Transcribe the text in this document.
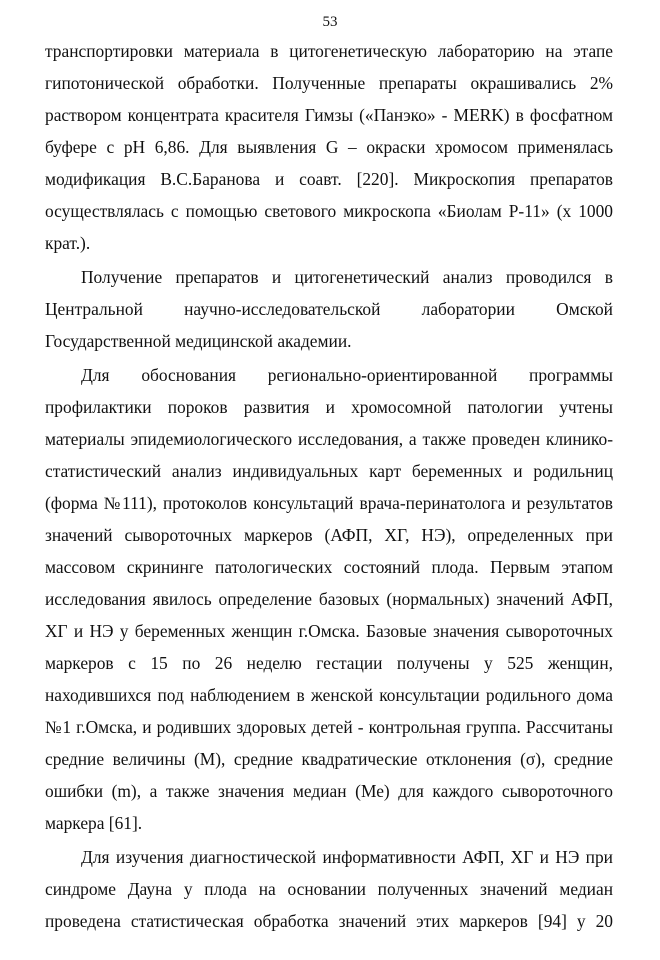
53

транспортировки материала в цитогенетическую лабораторию на этапе гипотонической обработки. Полученные препараты окрашивались 2% раствором концентрата красителя Гимзы («Панэко» - MERK) в фосфатном буфере с pH 6,86. Для выявления G – окраски хромосом применялась модификация В.С.Баранова и соавт. [220]. Микроскопия препаратов осуществлялась с помощью светового микроскопа «Биолам Р-11» (x 1000 крат.).

Получение препаратов и цитогенетический анализ проводился в Центральной научно-исследовательской лаборатории Омской Государственной медицинской академии.

Для обоснования регионально-ориентированной программы профилактики пороков развития и хромосомной патологии учтены материалы эпидемиологического исследования, а также проведен клинико-статистический анализ индивидуальных карт беременных и родильниц (форма №111), протоколов консультаций врача-перинатолога и результатов значений сывороточных маркеров (АФП, ХГ, НЭ), определенных при массовом скрининге патологических состояний плода. Первым этапом исследования явилось определение базовых (нормальных) значений АФП, ХГ и НЭ у беременных женщин г.Омска. Базовые значения сывороточных маркеров с 15 по 26 неделю гестации получены у 525 женщин, находившихся под наблюдением в женской консультации родильного дома №1 г.Омска, и родивших здоровых детей - контрольная группа. Рассчитаны средние величины (М), средние квадратические отклонения (σ), средние ошибки (m), а также значения медиан (Ме) для каждого сывороточного маркера [61].

Для изучения диагностической информативности АФП, ХГ и НЭ при синдроме Дауна у плода на основании полученных значений медиан проведена статистическая обработка значений этих маркеров [94] у 20
